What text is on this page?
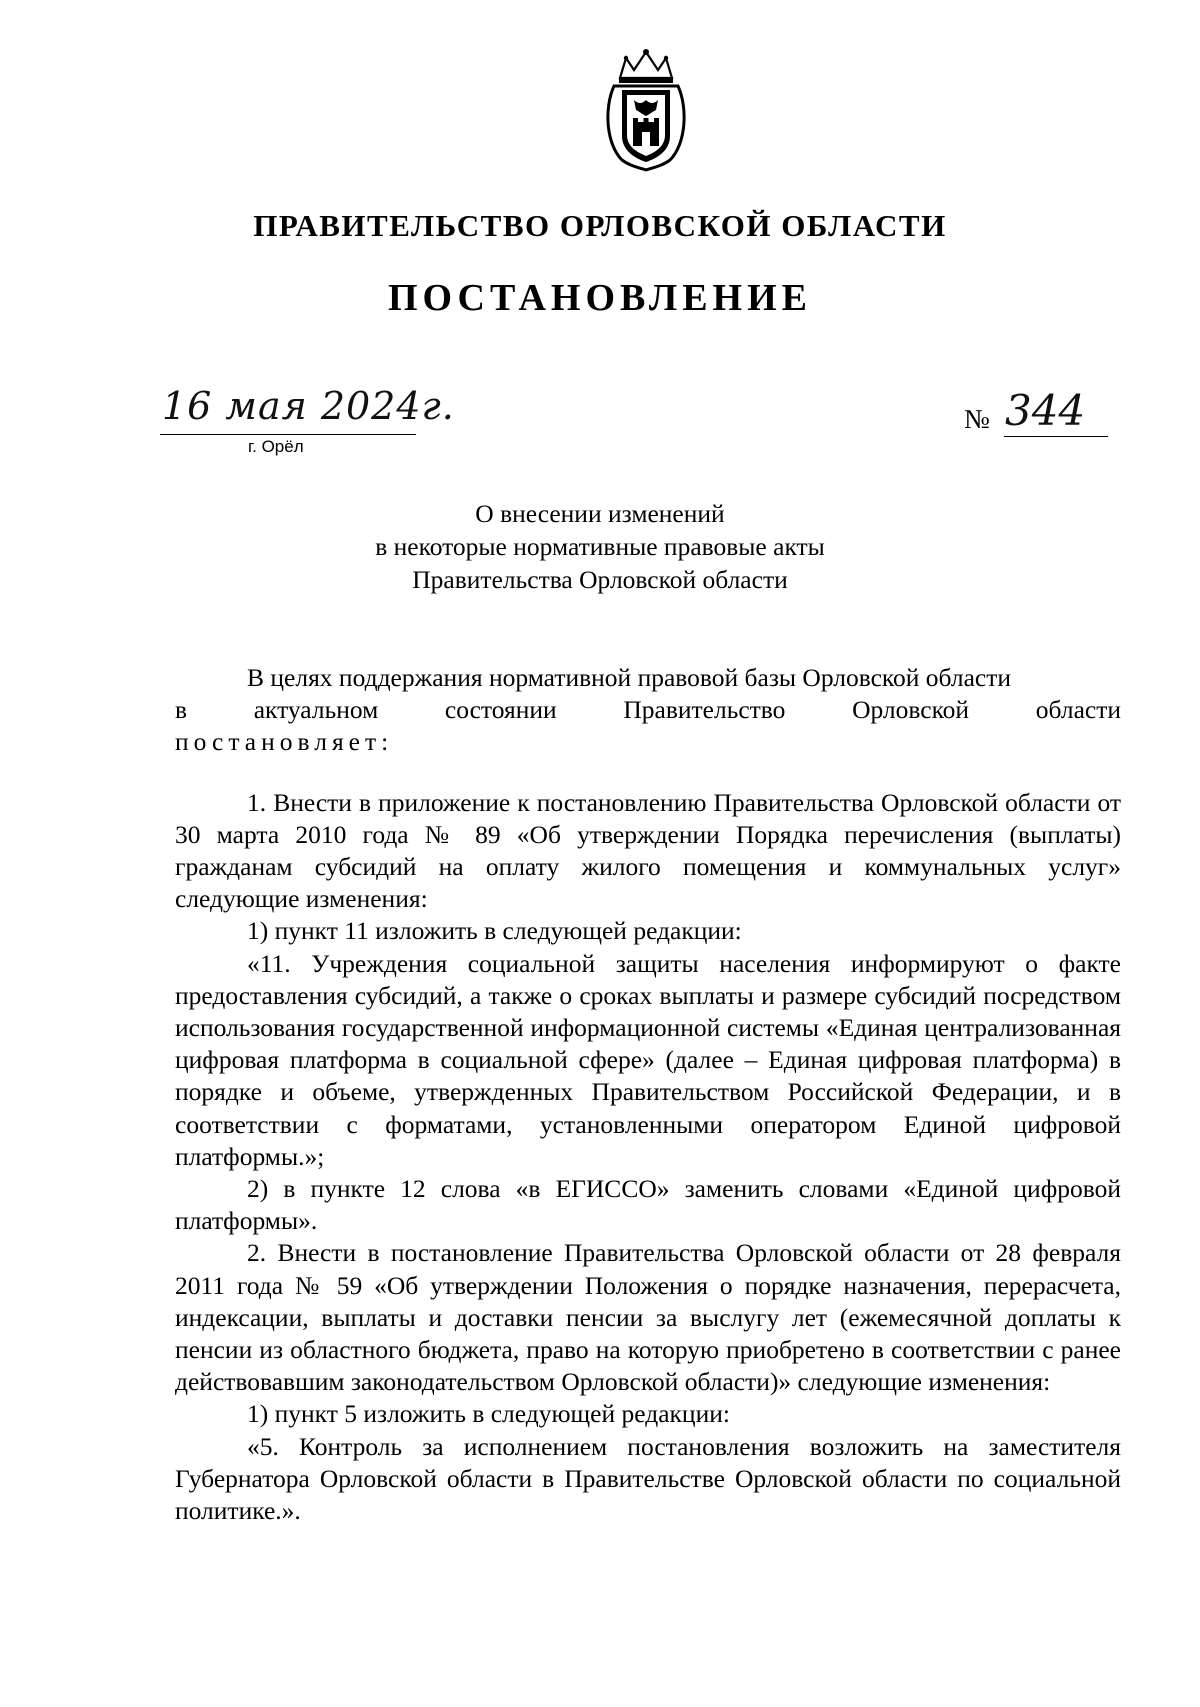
ПРАВИТЕЛЬСТВО ОРЛОВСКОЙ ОБЛАСТИ
ПОСТАНОВЛЕНИЕ
16 мая 2024г.
г. Орёл
№ 344
О внесении изменений
в некоторые нормативные правовые акты
Правительства Орловской области

В целях поддержания нормативной правовой базы Орловской области

в актуальном состоянии Правительство Орловской области

постановляет:

1. Внести в приложение к постановлению Правительства Орловской области от 30 марта 2010 года № 89 «Об утверждении Порядка перечисления (выплаты) гражданам субсидий на оплату жилого помещения и коммунальных услуг» следующие изменения:

1) пункт 11 изложить в следующей редакции:

«11. Учреждения социальной защиты населения информируют о факте предоставления субсидий, а также о сроках выплаты и размере субсидий посредством использования государственной информационной системы «Единая централизованная цифровая платформа в социальной сфере» (далее – Единая цифровая платформа) в порядке и объеме, утвержденных Правительством Российской Федерации, и в соответствии с форматами, установленными оператором Единой цифровой платформы.»;

2) в пункте 12 слова «в ЕГИССО» заменить словами «Единой цифровой платформы».

2. Внести в постановление Правительства Орловской области от 28 февраля 2011 года № 59 «Об утверждении Положения о порядке назначения, перерасчета, индексации, выплаты и доставки пенсии за выслугу лет (ежемесячной доплаты к пенсии из областного бюджета, право на которую приобретено в соответствии с ранее действовавшим законодательством Орловской области)» следующие изменения:

1) пункт 5 изложить в следующей редакции:

«5. Контроль за исполнением постановления возложить на заместителя Губернатора Орловской области в Правительстве Орловской области по социальной политике.».
